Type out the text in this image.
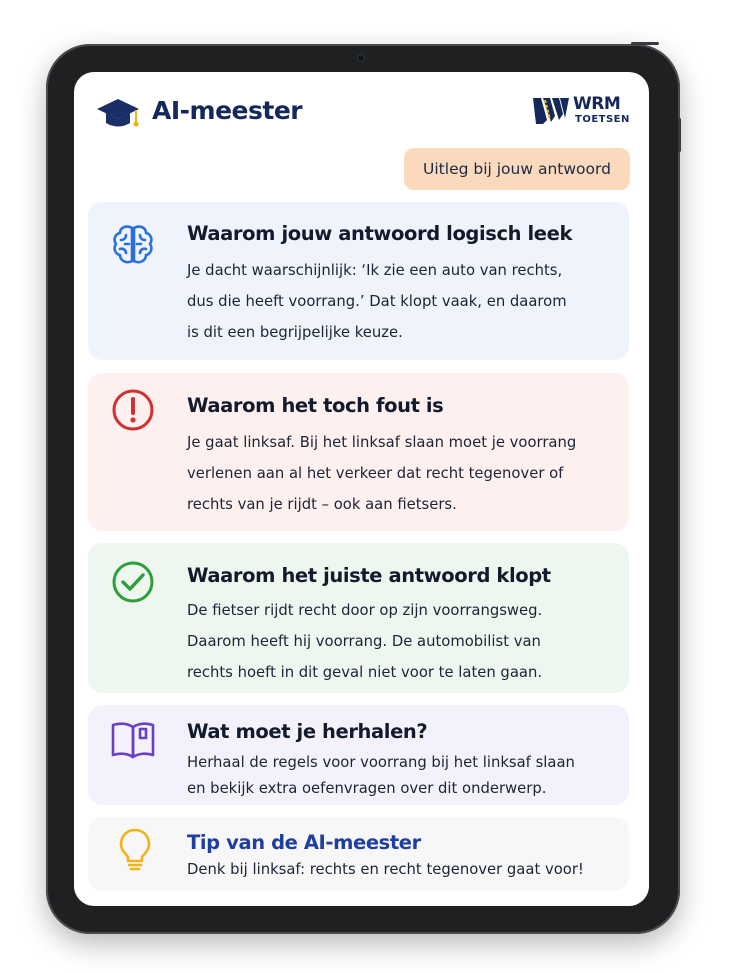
AI-meester	WRM
TOETSEN
Uitleg bij jouw antwoord
Waarom jouw antwoord logisch leek
Je dacht waarschijnlijk: ‘Ik zie een auto van rechts,
dus die heeft voorrang.’ Dat klopt vaak, en daarom
is dit een begrijpelijke keuze.
Waarom het toch fout is
Je gaat linksaf. Bij het linksaf slaan moet je voorrang
verlenen aan al het verkeer dat recht tegenover of
rechts van je rijdt – ook aan fietsers.
Waarom het juiste antwoord klopt
De fietser rijdt recht door op zijn voorrangsweg.
Daarom heeft hij voorrang. De automobilist van
rechts hoeft in dit geval niet voor te laten gaan.
Wat moet je herhalen?
Herhaal de regels voor voorrang bij het linksaf slaan
en bekijk extra oefenvragen over dit onderwerp.
Tip van de AI-meester
Denk bij linksaf: rechts en recht tegenover gaat voor!
